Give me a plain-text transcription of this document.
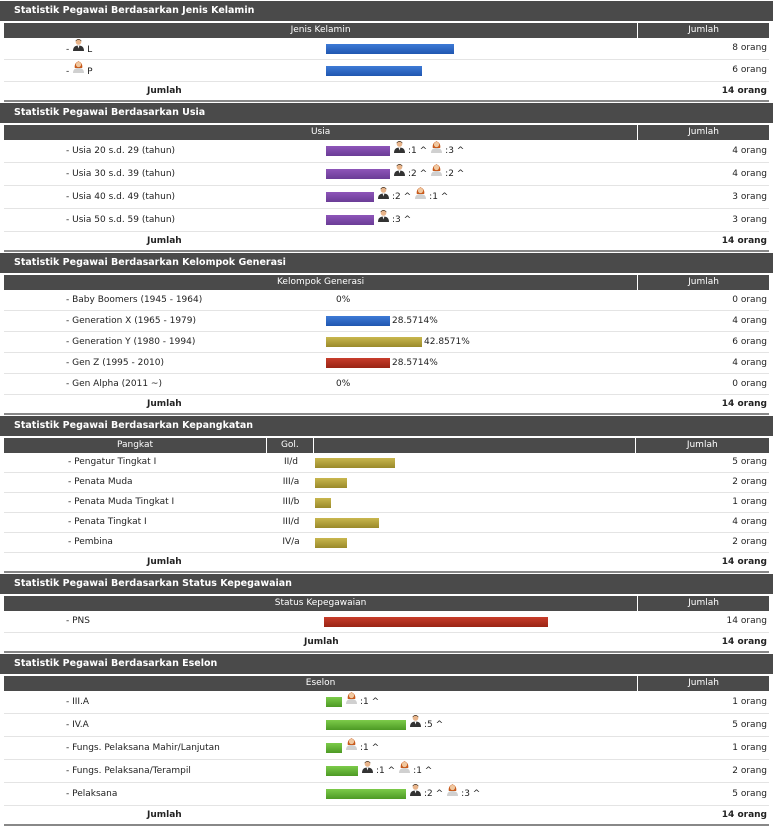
Statistik Pegawai Berdasarkan Jenis Kelamin
Jenis Kelamin	Jumlah
- L	8 orang
- P	6 orang
Jumlah	14 orang
Statistik Pegawai Berdasarkan Usia
Usia	Jumlah
- Usia 20 s.d. 29 (tahun)	:1 ^ :3 ^	4 orang
- Usia 30 s.d. 39 (tahun)	:2 ^ :2 ^	4 orang
- Usia 40 s.d. 49 (tahun)	:2 ^ :1 ^	3 orang
- Usia 50 s.d. 59 (tahun)	:3 ^	3 orang
Jumlah	14 orang
Statistik Pegawai Berdasarkan Kelompok Generasi
Kelompok Generasi	Jumlah
- Baby Boomers (1945 - 1964)	0%	0 orang
- Generation X (1965 - 1979)	28.5714%	4 orang
- Generation Y (1980 - 1994)	42.8571%	6 orang
- Gen Z (1995 - 2010)	28.5714%	4 orang
- Gen Alpha (2011 ~)	0%	0 orang
Jumlah	14 orang
Statistik Pegawai Berdasarkan Kepangkatan
Pangkat	Gol.	Jumlah
- Pengatur Tingkat I	II/d	5 orang
- Penata Muda	III/a	2 orang
- Penata Muda Tingkat I	III/b	1 orang
- Penata Tingkat I	III/d	4 orang
- Pembina	IV/a	2 orang
Jumlah	14 orang
Statistik Pegawai Berdasarkan Status Kepegawaian
Status Kepegawaian	Jumlah
- PNS	14 orang
Jumlah	14 orang
Statistik Pegawai Berdasarkan Eselon
Eselon	Jumlah
- III.A	:1 ^	1 orang
- IV.A	:5 ^	5 orang
- Fungs. Pelaksana Mahir/Lanjutan	:1 ^	1 orang
- Fungs. Pelaksana/Terampil	:1 ^ :1 ^	2 orang
- Pelaksana	:2 ^ :3 ^	5 orang
Jumlah	14 orang
